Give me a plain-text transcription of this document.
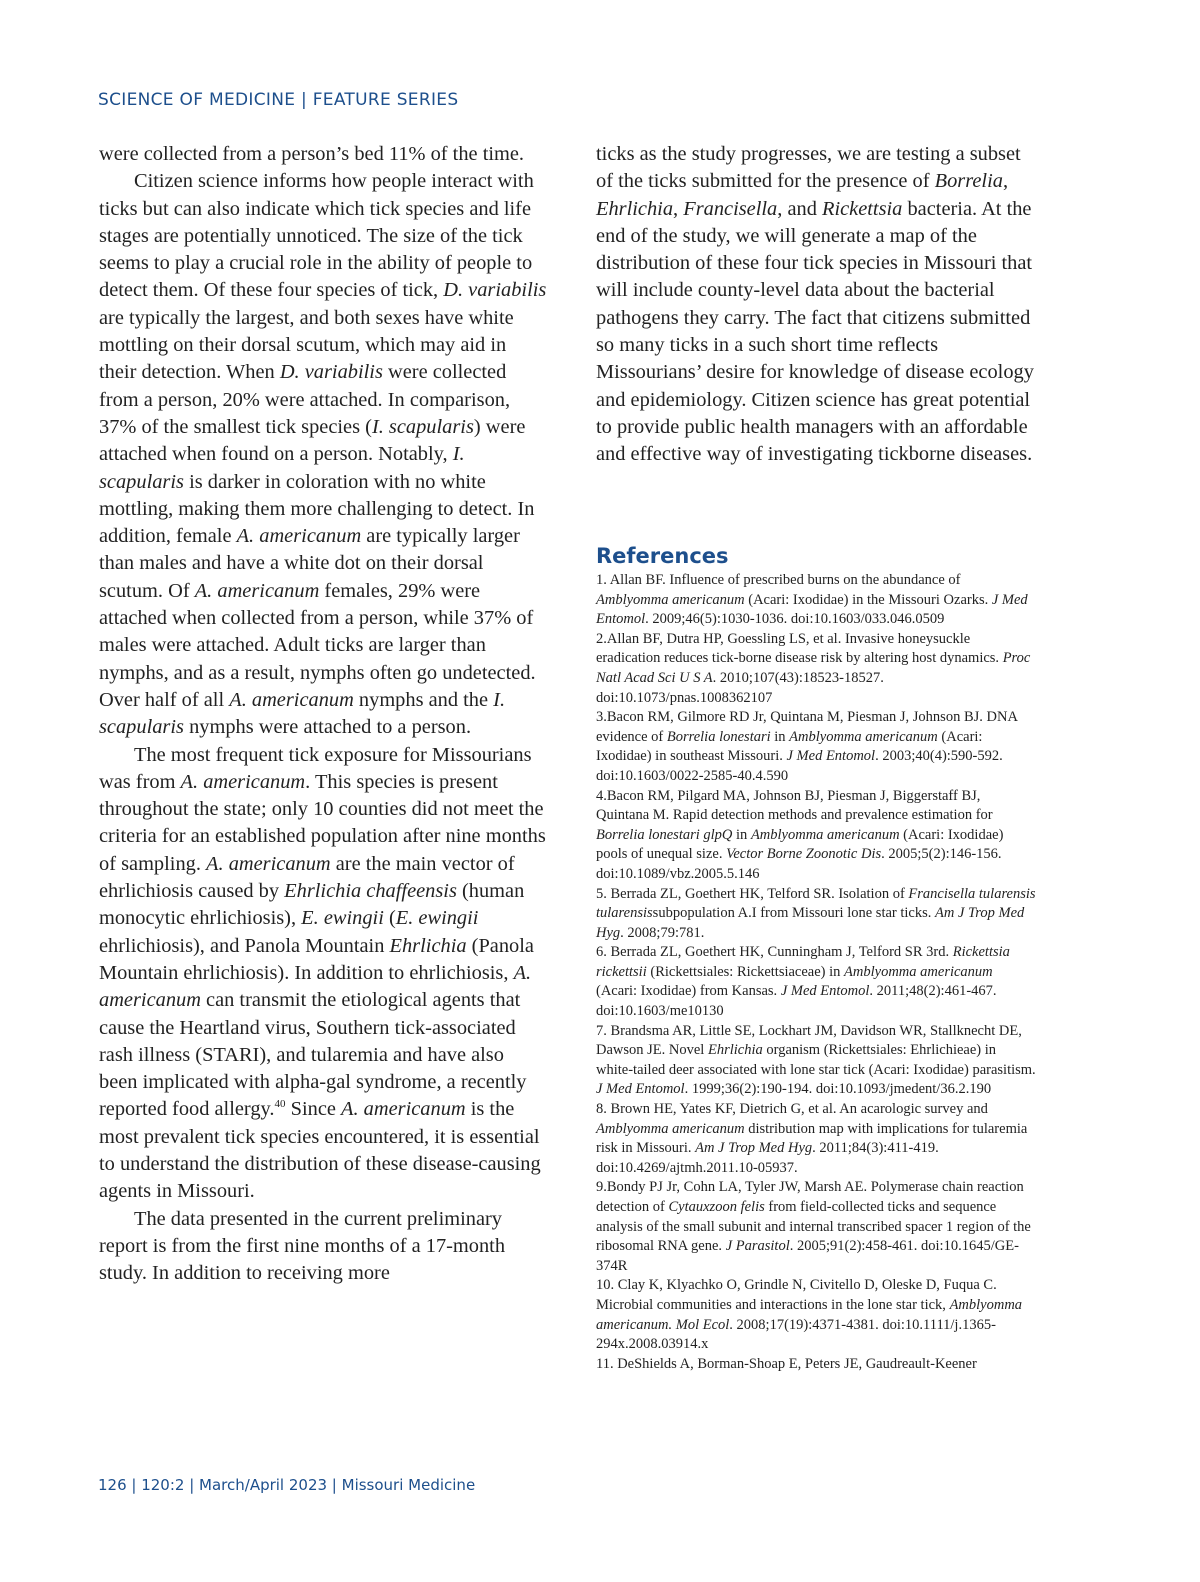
SCIENCE OF MEDICINE | FEATURE SERIES

were collected from a person’s bed 11% of the time.

Citizen science informs how people interact with ticks but can also indicate which tick species and life stages are potentially unnoticed. The size of the tick seems to play a crucial role in the ability of people to detect them. Of these four species of tick, D. variabilis are typically the largest, and both sexes have white mottling on their dorsal scutum, which may aid in their detection. When D. variabilis were collected from a person, 20% were attached. In comparison, 37% of the smallest tick species (I. scapularis) were attached when found on a person. Notably, I. scapularis is darker in coloration with no white mottling, making them more challenging to detect. In addition, female A. americanum are typically larger than males and have a white dot on their dorsal scutum. Of A. americanum females, 29% were attached when collected from a person, while 37% of males were attached. Adult ticks are larger than nymphs, and as a result, nymphs often go undetected. Over half of all A. americanum nymphs and the I. scapularis nymphs were attached to a person.

The most frequent tick exposure for Missourians was from A. americanum. This species is present throughout the state; only 10 counties did not meet the criteria for an established population after nine months of sampling. A. americanum are the main vector of ehrlichiosis caused by Ehrlichia chaffeensis (human monocytic ehrlichiosis), E. ewingii (E. ewingii ehrlichiosis), and Panola Mountain Ehrlichia (Panola Mountain ehrlichiosis). In addition to ehrlichiosis, A. americanum can transmit the etiological agents that cause the Heartland virus, Southern tick-associated rash illness (STARI), and tularemia and have also been implicated with alpha-gal syndrome, a recently reported food allergy.$^{40}$ Since A. americanum is the most prevalent tick species encountered, it is essential to understand the distribution of these disease-causing agents in Missouri.

The data presented in the current preliminary report is from the first nine months of a 17-month study. In addition to receiving more

ticks as the study progresses, we are testing a subset of the ticks submitted for the presence of Borrelia, Ehrlichia, Francisella, and Rickettsia bacteria. At the end of the study, we will generate a map of the distribution of these four tick species in Missouri that will include county-level data about the bacterial pathogens they carry. The fact that citizens submitted so many ticks in a such short time reflects Missourians’ desire for knowledge of disease ecology and epidemiology. Citizen science has great potential to provide public health managers with an affordable and effective way of investigating tickborne diseases.

References

1. Allan BF. Influence of prescribed burns on the abundance of Amblyomma americanum (Acari: Ixodidae) in the Missouri Ozarks. J Med Entomol. 2009;46(5):1030-1036. doi:10.1603/033.046.0509

2.Allan BF, Dutra HP, Goessling LS, et al. Invasive honeysuckle eradication reduces tick-borne disease risk by altering host dynamics. Proc Natl Acad Sci U S A. 2010;107(43):18523-18527. doi:10.1073/pnas.1008362107

3.Bacon RM, Gilmore RD Jr, Quintana M, Piesman J, Johnson BJ. DNA evidence of Borrelia lonestari in Amblyomma americanum (Acari: Ixodidae) in southeast Missouri. J Med Entomol. 2003;40(4):590-592. doi:10.1603/0022-2585-40.4.590

4.Bacon RM, Pilgard MA, Johnson BJ, Piesman J, Biggerstaff BJ, Quintana M. Rapid detection methods and prevalence estimation for Borrelia lonestari glpQ in Amblyomma americanum (Acari: Ixodidae) pools of unequal size. Vector Borne Zoonotic Dis. 2005;5(2):146-156. doi:10.1089/vbz.2005.5.146

5. Berrada ZL, Goethert HK, Telford SR. Isolation of Francisella tularensis tularensissubpopulation A.I from Missouri lone star ticks. Am J Trop Med Hyg. 2008;79:781.

6. Berrada ZL, Goethert HK, Cunningham J, Telford SR 3rd. Rickettsia rickettsii (Rickettsiales: Rickettsiaceae) in Amblyomma americanum (Acari: Ixodidae) from Kansas. J Med Entomol. 2011;48(2):461-467. doi:10.1603/me10130

7. Brandsma AR, Little SE, Lockhart JM, Davidson WR, Stallknecht DE, Dawson JE. Novel Ehrlichia organism (Rickettsiales: Ehrlichieae) in white-tailed deer associated with lone star tick (Acari: Ixodidae) parasitism. J Med Entomol. 1999;36(2):190-194. doi:10.1093/jmedent/36.2.190

8. Brown HE, Yates KF, Dietrich G, et al. An acarologic survey and Amblyomma americanum distribution map with implications for tularemia risk in Missouri. Am J Trop Med Hyg. 2011;84(3):411-419. doi:10.4269/ajtmh.2011.10-05937.

9.Bondy PJ Jr, Cohn LA, Tyler JW, Marsh AE. Polymerase chain reaction detection of Cytauxzoon felis from field-collected ticks and sequence analysis of the small subunit and internal transcribed spacer 1 region of the ribosomal RNA gene. J Parasitol. 2005;91(2):458-461. doi:10.1645/GE-374R

10. Clay K, Klyachko O, Grindle N, Civitello D, Oleske D, Fuqua C. Microbial communities and interactions in the lone star tick, Amblyomma americanum. Mol Ecol. 2008;17(19):4371-4381. doi:10.1111/j.1365-294x.2008.03914.x

11. DeShields A, Borman-Shoap E, Peters JE, Gaudreault-Keener

126 | 120:2 | March/April 2023 | Missouri Medicine
